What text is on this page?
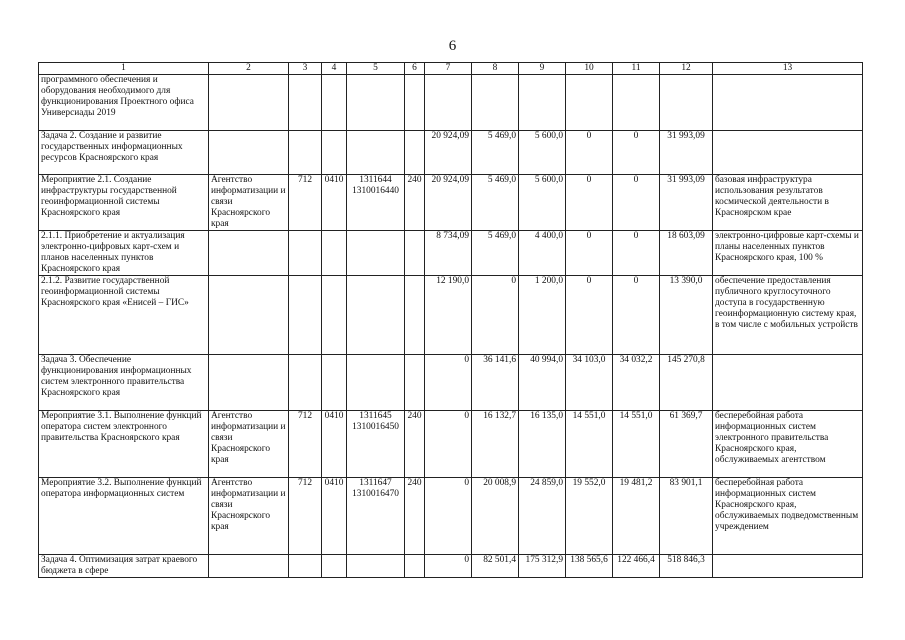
6
1	2	3	4	5	6	7	8	9	10	11	12	13
программного обеспечения и оборудования необходимого для функционирования Проектного офиса Универсиады 2019												
Задача 2. Создание и развитие государственных информационных ресурсов Красноярского края						20 924,09	5 469,0	5 600,0	0	0	31 993,09	
Мероприятие 2.1. Создание инфраструктуры государственной геоинформационной системы Красноярского края	Агентство информатизации и связи Красноярского края	712	0410	1311644 1310016440	240	20 924,09	5 469,0	5 600,0	0	0	31 993,09	базовая инфраструктура использования результатов космической деятельности в Красноярском крае
2.1.1. Приобретение и актуализация электронно-цифровых карт-схем и планов населенных пунктов Красноярского края						8 734,09	5 469,0	4 400,0	0	0	18 603,09	электронно-цифровые карт-схемы и планы населенных пунктов Красноярского края, 100 %
2.1.2. Развитие государственной геоинформационной системы Красноярского края «Енисей – ГИС»						12 190,0	0	1 200,0	0	0	13 390,0	обеспечение предоставления публичного круглосуточного доступа в государственную геоинформационную систему края, в том числе с мобильных устройств
Задача 3. Обеспечение функционирования информационных систем электронного правительства Красноярского края						0	36 141,6	40 994,0	34 103,0	34 032,2	145 270,8	
Мероприятие 3.1. Выполнение функций оператора систем электронного правительства Красноярского края	Агентство информатизации и связи Красноярского края	712	0410	1311645 1310016450	240	0	16 132,7	16 135,0	14 551,0	14 551,0	61 369,7	бесперебойная работа информационных систем электронного правительства Красноярского края, обслуживаемых агентством
Мероприятие 3.2. Выполнение функций оператора информационных систем	Агентство информатизации и связи Красноярского края	712	0410	1311647 1310016470	240	0	20 008,9	24 859,0	19 552,0	19 481,2	83 901,1	бесперебойная работа информационных систем Красноярского края, обслуживаемых подведомственным учреждением
Задача 4. Оптимизация затрат краевого бюджета в сфере						0	82 501,4	175 312,9	138 565,6	122 466,4	518 846,3	
